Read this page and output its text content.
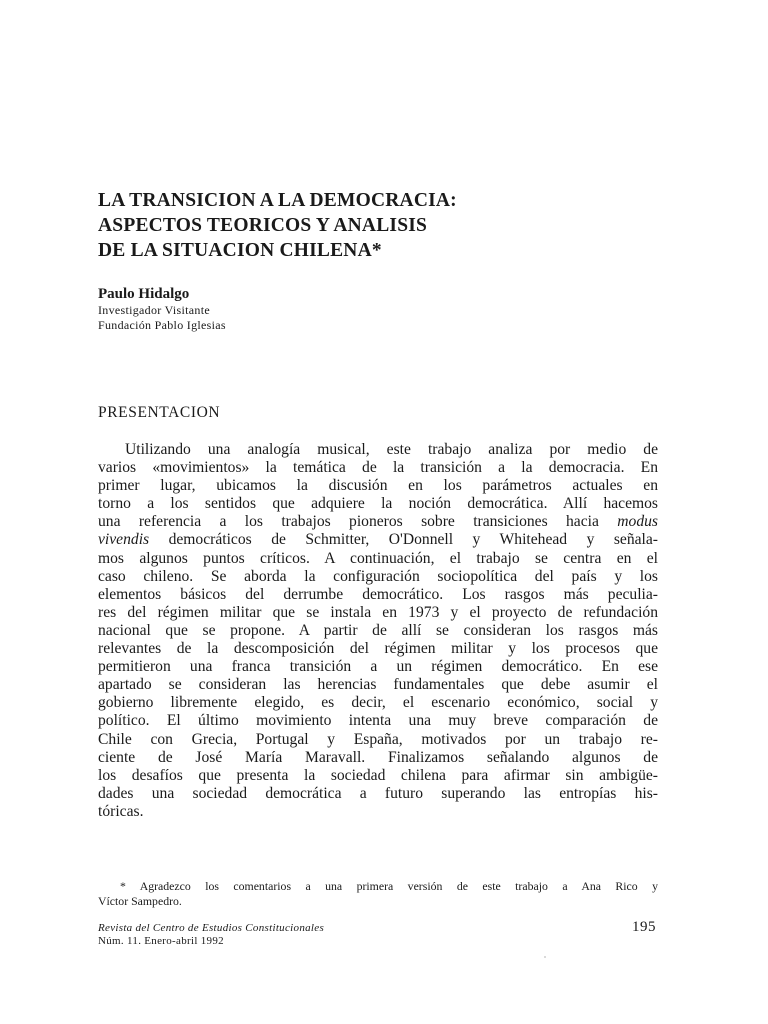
LA TRANSICION A LA DEMOCRACIA:
ASPECTOS TEORICOS Y ANALISIS
DE LA SITUACION CHILENA*
Paulo Hidalgo
Investigador Visitante
Fundación Pablo Iglesias
PRESENTACION
Utilizando una analogía musical, este trabajo analiza por medio de
varios «movimientos» la temática de la transición a la democracia. En
primer lugar, ubicamos la discusión en los parámetros actuales en
torno a los sentidos que adquiere la noción democrática. Allí hacemos
una referencia a los trabajos pioneros sobre transiciones hacia modus
vivendis democráticos de Schmitter, O'Donnell y Whitehead y señala-
mos algunos puntos críticos. A continuación, el trabajo se centra en el
caso chileno. Se aborda la configuración sociopolítica del país y los
elementos básicos del derrumbe democrático. Los rasgos más peculia-
res del régimen militar que se instala en 1973 y el proyecto de refundación
nacional que se propone. A partir de allí se consideran los rasgos más
relevantes de la descomposición del régimen militar y los procesos que
permitieron una franca transición a un régimen democrático. En ese
apartado se consideran las herencias fundamentales que debe asumir el
gobierno libremente elegido, es decir, el escenario económico, social y
político. El último movimiento intenta una muy breve comparación de
Chile con Grecia, Portugal y España, motivados por un trabajo re-
ciente de José María Maravall. Finalizamos señalando algunos de
los desafíos que presenta la sociedad chilena para afirmar sin ambigüe-
dades una sociedad democrática a futuro superando las entropías his-
tóricas.
* Agradezco los comentarios a una primera versión de este trabajo a Ana Rico y
Víctor Sampedro.
Revista del Centro de Estudios Constitucionales
Núm. 11. Enero-abril 1992
195
